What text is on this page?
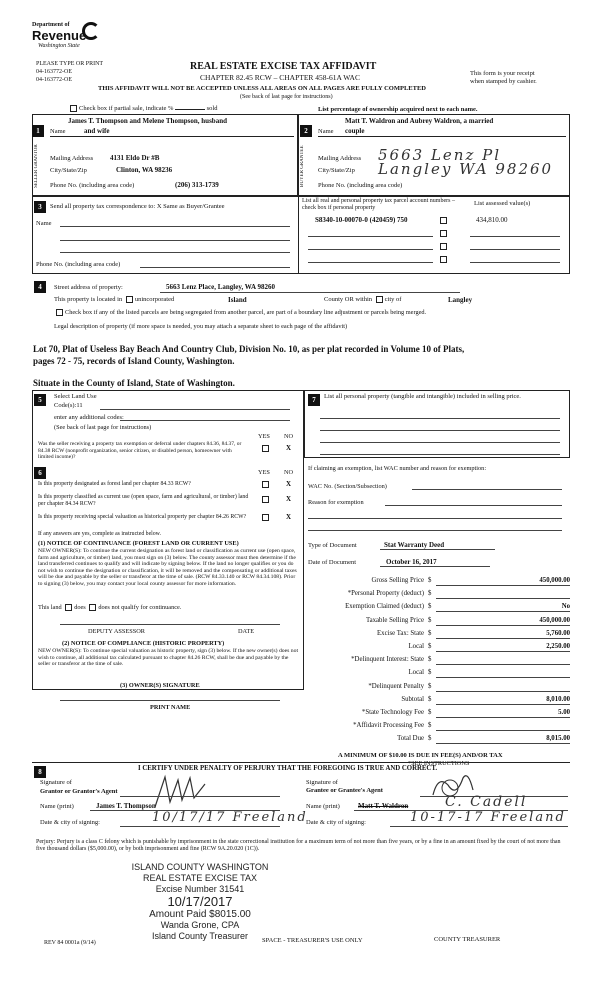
Department of
Revenue
Washington State
PLEASE TYPE OR PRINT
04-163772-OE
04-163772-OE
REAL ESTATE EXCISE TAX AFFIDAVIT
CHAPTER 82.45 RCW – CHAPTER 458-61A WAC
THIS AFFIDAVIT WILL NOT BE ACCEPTED UNLESS ALL AREAS ON ALL PAGES ARE FULLY COMPLETED
(See back of last page for instructions)
This form is your receipt
when stamped by cashier.
Check box if partial sale, indicate %	sold	List percentage of ownership acquired next to each name.
1	Name
James T. Thompson and Melene Thompson, husband
and wife
SELLER GRANTOR	Mailing Address 4131 Eldo Dr #B
City/State/Zip	Clinton, WA 98236
Phone No. (including area code)	(206) 313-1739
2	Name
Matt T. Waldron and Aubrey Waldron, a married
couple
BUYER GRANTEE	Mailing Address 5663 Lenz Pl
City/State/Zip Langley WA 98260
Phone No. (including area code)
3	Send all property tax correspondence to: X Same as Buyer/Grantee
Name
Phone No. (including area code)
List all real and personal property tax parcel account numbers – check box if personal property
List assessed value(s)
S8340-10-00070-0 (420459) 750	434,810.00
4	Street address of property:	5663 Lenz Place, Langley, WA 98260
This property is located in unincorporated	Island	County OR within city of	Langley
Check box if any of the listed parcels are being segregated from another parcel, are part of a boundary line adjustment or parcels being merged.
Legal description of property (if more space is needed, you may attach a separate sheet to each page of the affidavit)
Lot 70, Plat of Useless Bay Beach And Country Club, Division No. 10, as per plat recorded in Volume 10 of Plats,
pages 72 - 75, records of Island County, Washington.
Situate in the County of Island, State of Washington.
5	Select Land Use
Code(s):11
enter any additional codes:
(See back of last page for instructions)
YES NO
Was the seller receiving a property tax exemption or deferral under chapters 84.36, 84.37, or 84.38 RCW (nonprofit organization, senior citizen, or disabled person, homeowner with limited income)?
X
6	YES NO
Is this property designated as forest land per chapter 84.33 RCW?	X
Is this property classified as current use (open space, farm and agricultural, or timber) land per chapter 84.34 RCW?
X
Is this property receiving special valuation as historical property per chapter 84.26 RCW?	X
If any answers are yes, complete as instructed below.
(1) NOTICE OF CONTINUANCE (FOREST LAND OR CURRENT USE)
NEW OWNER(S): To continue the current designation as forest land or classification as current use (open space, farm and agriculture, or timber) land, you must sign on (3) below. The county assessor must then determine if the land transferred continues to qualify and will indicate by signing below. If the land no longer qualifies or you do not wish to continue the designation or classification, it will be removed and the compensating or additional taxes will be due and payable by the seller or transferor at the time of sale. (RCW 84.33.140 or RCW 84.34.108). Prior to signing (3) below, you may contact your local county assessor for more information.
This land does does not qualify for continuance.
DEPUTY ASSESSOR	DATE
(2) NOTICE OF COMPLIANCE (HISTORIC PROPERTY)
NEW OWNER(S): To continue special valuation as historic property, sign (3) below. If the new owner(s) does not wish to continue, all additional tax calculated pursuant to chapter 84.26 RCW, shall be due and payable by the seller or transferor at the time of sale.
(3) OWNER(S) SIGNATURE
PRINT NAME
7	List all personal property (tangible and intangible) included in selling price.
If claiming an exemption, list WAC number and reason for exemption:
WAC No. (Section/Subsection)
Reason for exemption
Type of Document	Stat Warranty Deed
Date of Document	October 16, 2017
Gross Selling Price $	450,000.00
*Personal Property (deduct) $
Exemption Claimed (deduct) $	No
Taxable Selling Price $	450,000.00
Excise Tax: State $	5,760.00
Local $	2,250.00
*Delinquent Interest: State $
Local $
*Delinquent Penalty $
Subtotal $	8,010.00
*State Technology Fee $	5.00
*Affidavit Processing Fee $
Total Due $	8,015.00
A MINIMUM OF $10.00 IS DUE IN FEE(S) AND/OR TAX
*SEE INSTRUCTIONS
8	I CERTIFY UNDER PENALTY OF PERJURY THAT THE FOREGOING IS TRUE AND CORRECT.
Signature of
Grantor or Grantor's Agent
Name (print)	James T. Thompson
Date & city of signing:	10/17/17 Freeland
Signature of
Grantee or Grantee's Agent
Name (print)	Matt T. Waldron	C. Cadell
Date & city of signing:	10-17-17 Freeland
Perjury: Perjury is a class C felony which is punishable by imprisonment in the state correctional institution for a maximum term of not more than five years, or by a fine in an amount fixed by the court of not more than five thousand dollars ($5,000.00), or by both imprisonment and fine (RCW 9A.20.020 (1C)).
ISLAND COUNTY WASHINGTON
REAL ESTATE EXCISE TAX
Excise Number 31541
10/17/2017
Amount Paid $8015.00
Wanda Grone, CPA
Island County Treasurer
REV 84 0001a (9/14)	SPACE - TREASURER'S USE ONLY	COUNTY TREASURER
